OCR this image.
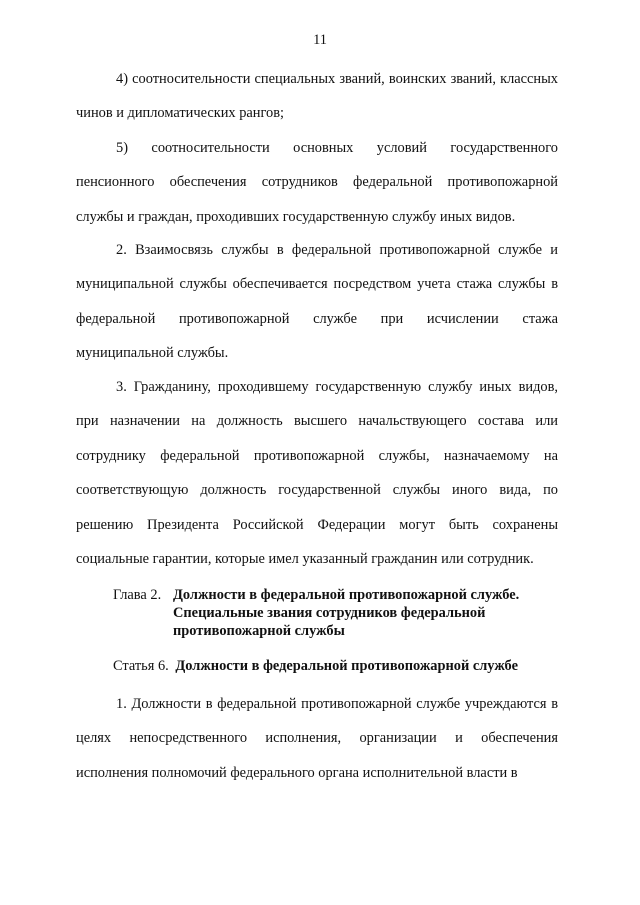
11

4) соотносительности специальных званий, воинских званий, классных чинов и дипломатических рангов;

5) соотносительности основных условий государственного пенсионного обеспечения сотрудников федеральной противопожарной службы и граждан, проходивших государственную службу иных видов.

2. Взаимосвязь службы в федеральной противопожарной службе и муниципальной службы обеспечивается посредством учета стажа службы в федеральной противопожарной службе при исчислении стажа муниципальной службы.

3. Гражданину, проходившему государственную службу иных видов, при назначении на должность высшего начальствующего состава или сотруднику федеральной противопожарной службы, назначаемому на соответствующую должность государственной службы иного вида, по решению Президента Российской Федерации могут быть сохранены социальные гарантии, которые имел указанный гражданин или сотрудник.

Глава 2. Должности в федеральной противопожарной службе.
Специальные звания сотрудников федеральной
противопожарной службы
Статья 6. Должности в федеральной противопожарной службе

1. Должности в федеральной противопожарной службе учреждаются в целях непосредственного исполнения, организации и обеспечения исполнения полномочий федерального органа исполнительной власти в
